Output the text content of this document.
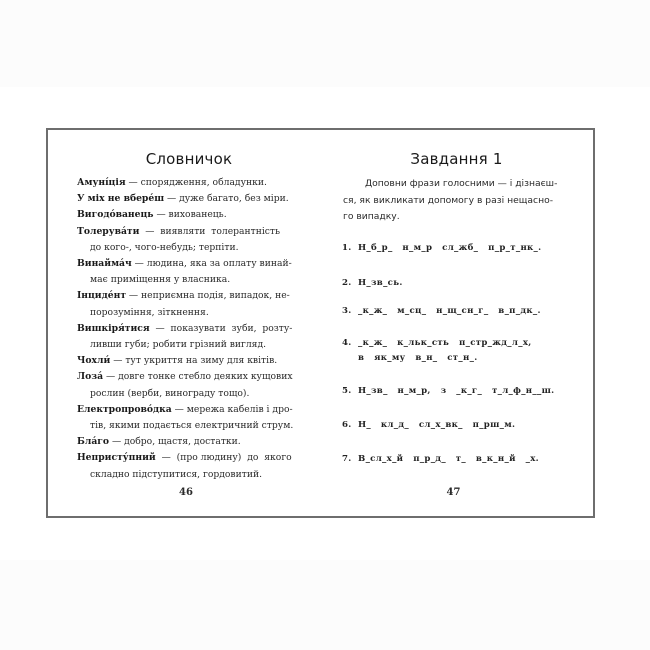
Словничок
Амуні́ція — спорядження, обладунки.
У міх не вбере́ш — дуже багато, без міри.
Вигодо́ванець — вихованець.
Толерува́ти  —  виявляти  толерантність
до кого-, чого-небудь; терпіти.
Винайма́ч — людина, яка за оплату винай-
має приміщення у власника.
Інциде́нт — неприємна подія, випадок, не-
порозуміння, зіткнення.
Вишкіря́тися  —  показувати  зуби,  розту-
ливши губи; робити грізний вигляд.
Чохли́ — тут укриття на зиму для квітів.
Лоза́ — довге тонке стебло деяких кущових
рослин (верби, винограду тощо).
Електропрово́дка — мережа кабелів і дро-
тів, якими подається електричний струм.
Бла́го — добро, щастя, достатки.
Непристу́пний  —  (про людину)  до  якого
складно підступитися, гордовитий.
46
Завдання 1
Доповни фрази голосними — і дізнаєш-
ся, як викликати допомогу в разі нещасно-
го випадку.
1. Н_б_р_   н_м_р   сл_жб_   п_р_т_нк_.
2. Н_зв_сь.
3. _к_ж_   м_сц_   н_щ_сн_г_   в_п_дк_.
4. _к_ж_   к_льк_сть   п_стр_жд_л_х,
в   як_му   в_н_   ст_н_.
5. Н_зв_   н_м_р,   з   _к_г_   т_л_ф_н__ш.
6. Н_   кл_д_   сл_х_вк_   п_рш_м.
7. В_сл_х_й   п_р_д_   т_   в_к_н_й   _х.
47
